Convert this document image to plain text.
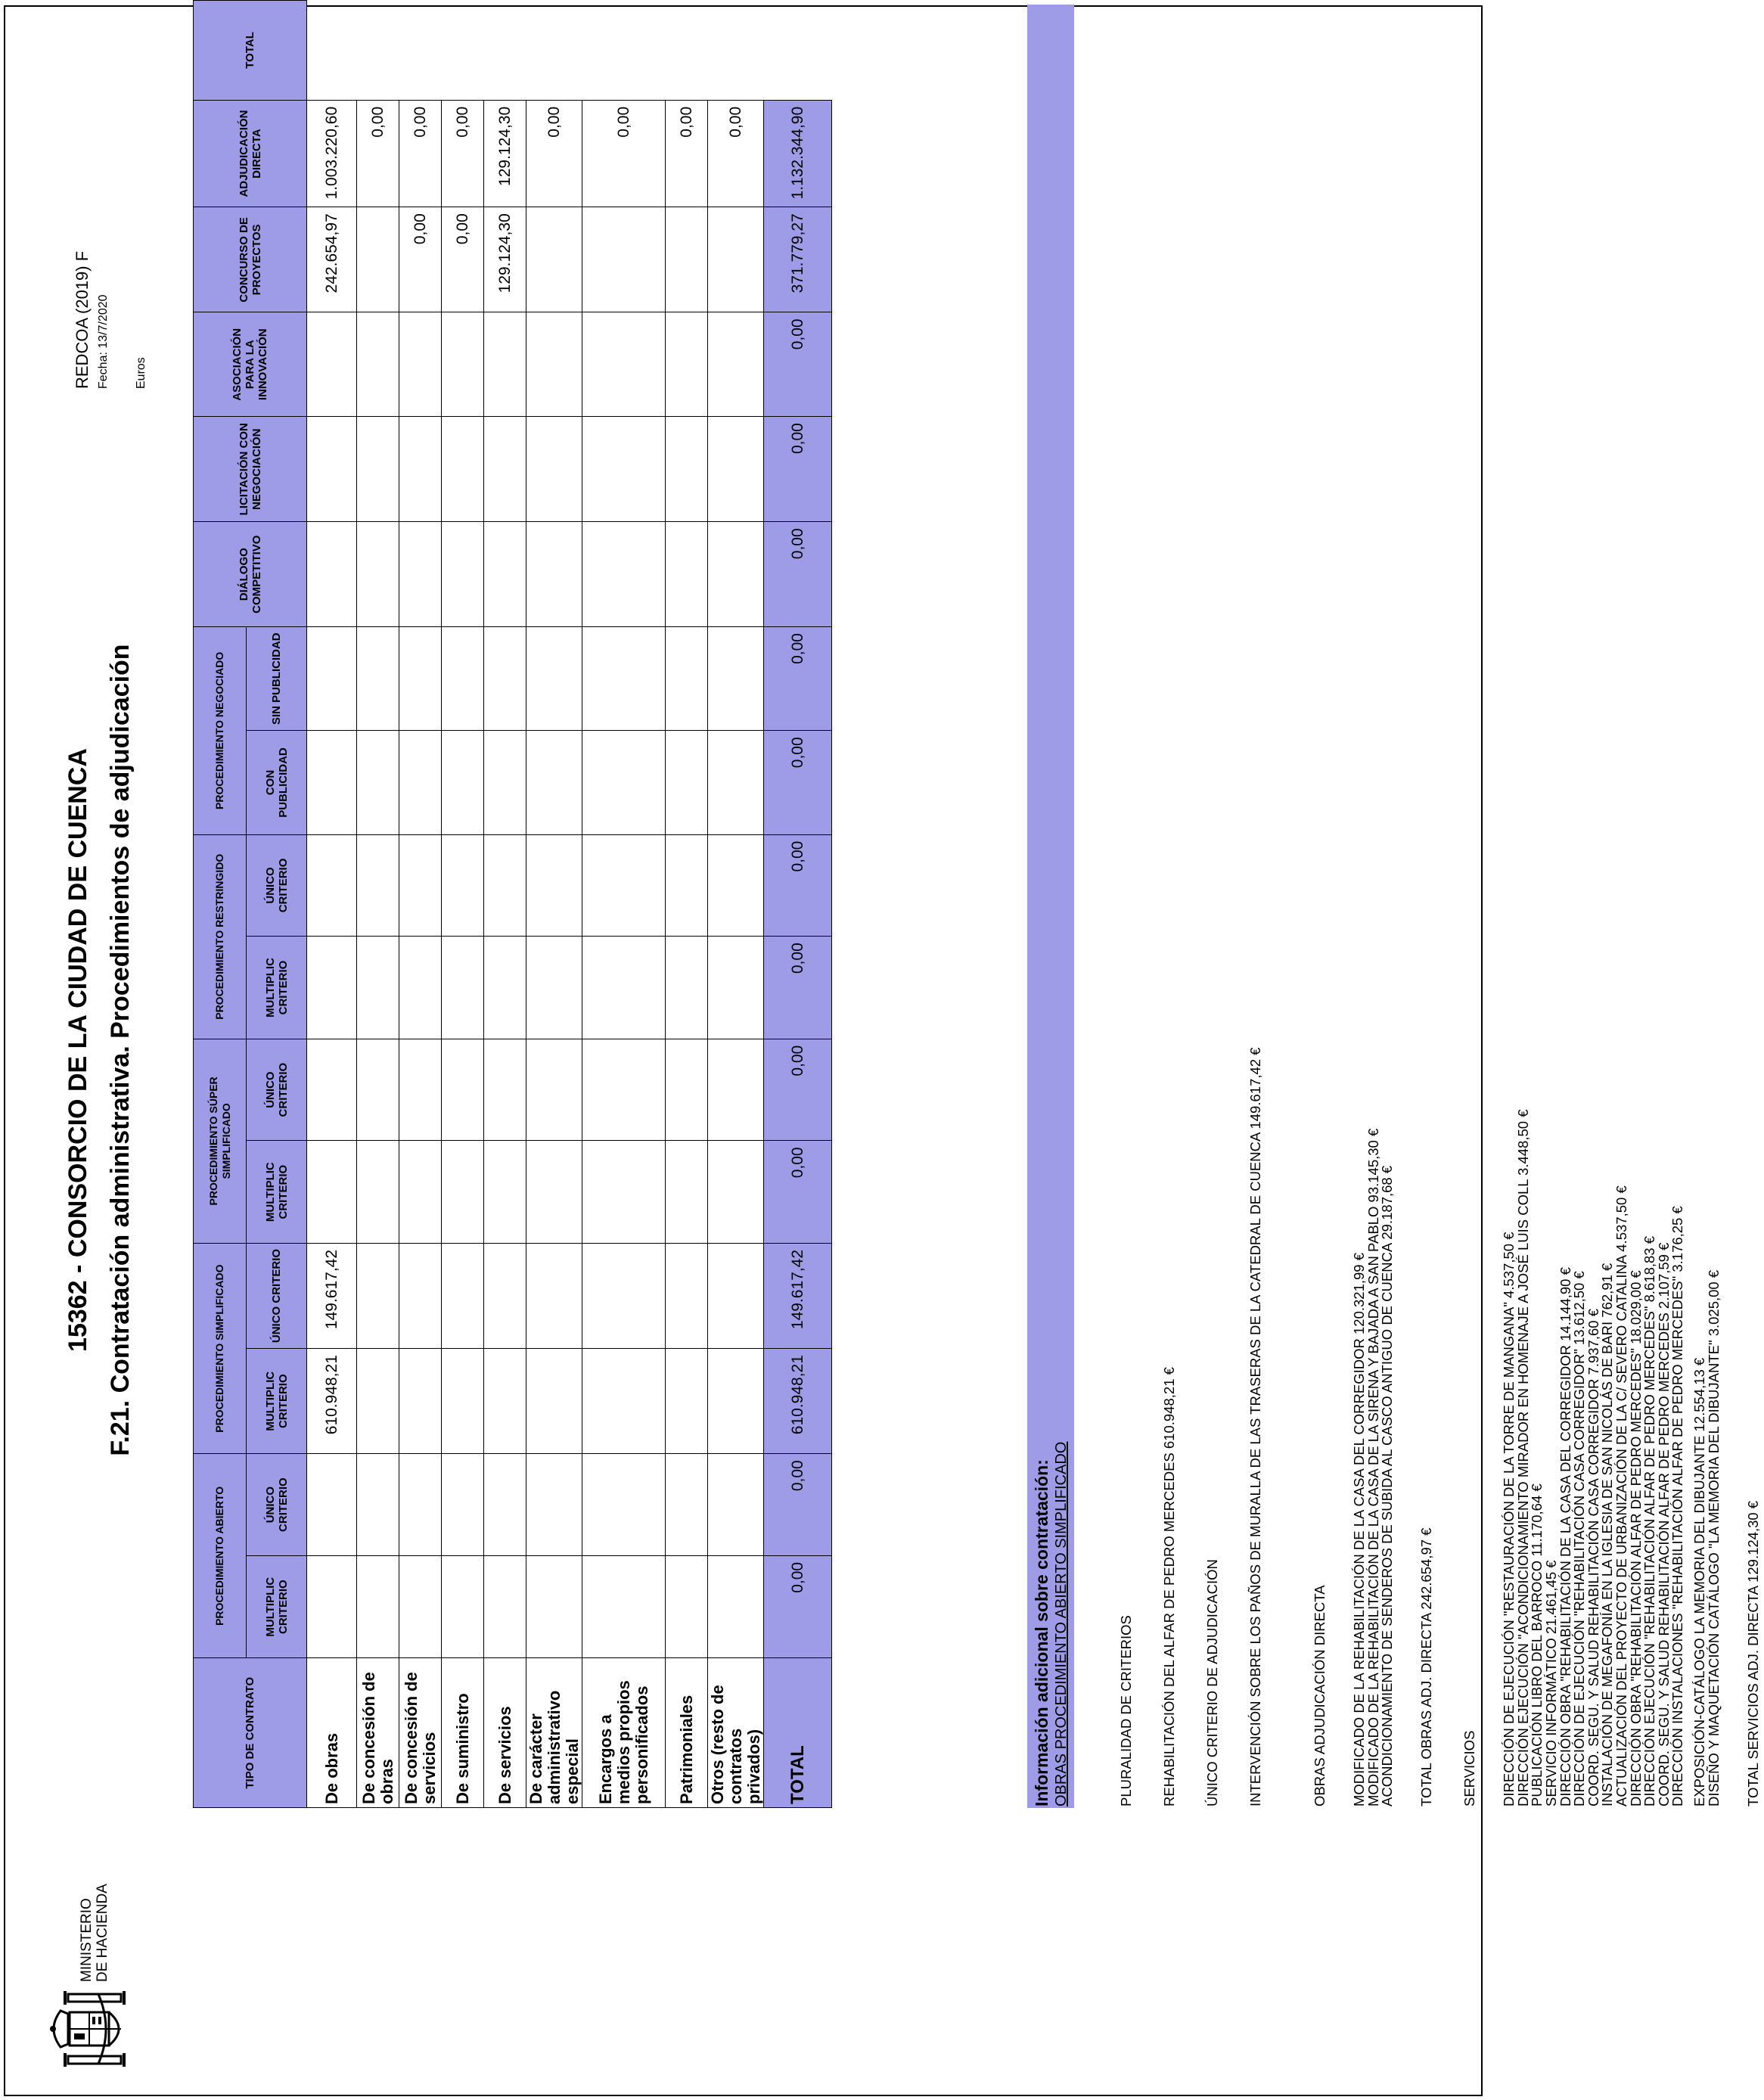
MINISTERIO DE HACIENDA
15362 - CONSORCIO DE LA CIUDAD DE CUENCA F.21. Contratación administrativa. Procedimientos de adjudicación
REDCOA (2019) F Fecha: 13/7/2020 Euros
TIPO DE CONTRATO	PROCEDIMIENTO ABIERTO		PROCEDIMIENTO SIMPLIFICADO		PROCEDIMIENTO SÚPER SIMPLIFICADO		PROCEDIMIENTO RESTRINGIDO		PROCEDIMIENTO NEGOCIADO		DIÁLOGO COMPETITIVO	LICITACIÓN CON NEGOCIACIÓN	ASOCIACIÓN PARA LA INNOVACIÓN	CONCURSO DE PROYECTOS	ADJUDICACIÓN DIRECTA	TOTAL
	MULTIPLIC CRITERIO	ÚNICO CRITERIO	MULTIPLIC CRITERIO	ÚNICO CRITERIO	MULTIPLIC CRITERIO	ÚNICO CRITERIO	MULTIPLIC CRITERIO	ÚNICO CRITERIO	CON PUBLICIDAD	SIN PUBLICIDAD						
De obras			610.948,21	149.617,42										242.654,97	1.003.220,60	
De concesión de obras															0,00	
De concesión de servicios														0,00	0,00	
De suministro														0,00	0,00	
De servicios														129.124,30	129.124,30	
De carácter administrativo especial															0,00	
Encargos a medios propios personificados															0,00	
Patrimoniales															0,00	
Otros (resto de contratos privados)															0,00	
TOTAL	0,00	0,00	610.948,21	149.617,42	0,00	0,00	0,00	0,00	0,00	0,00	0,00	0,00	0,00	371.779,27	1.132.344,90	
Información adicional sobre contratación: OBRAS PROCEDIMIENTO ABIERTO SIMPLIFICADO	PLURALIDAD DE CRITERIOS REHABILITACIÓN DEL ALFAR DE PEDRO MERCEDES 610.948,21 € ÚNICO CRITERIO DE ADJUDICACIÓN INTERVENCIÓN SOBRE LOS PAÑOS DE MURALLA DE LAS TRASERAS DE LA CATEDRAL DE CUENCA 149.617,42 €	OBRAS ADJUDICACIÓN DIRECTA MODIFICADO DE LA REHABILITACIÓN DE LA CASA DEL CORREGIDOR 120.321,99 €
MODIFICADO DE LA REHABILITACIÓN DE LA CASA DE LA SIRENA Y BAJADA A SAN PABLO 93.145,30 €
ACONDICIONAMIENTO DE SENDEROS DE SUBIDA AL CASCO ANTIGUO DE CUENCA 29.187,68 € TOTAL OBRAS ADJ. DIRECTA 242.654,97 € SERVICIOS DIRECCIÓN DE EJECUCIÓN "RESTAURACIÓN DE LA TORRE DE MANGANA" 4.537,50 €
DIRECCIÓN EJECUCIÓN "ACONDICIONAMIENTO MIRADOR EN HOMENAJE A JOSÉ LUIS COLL 3.448,50 €
PUBLICACIÓN LIBRO DEL BARROCO 11.170,64 €
SERVICIO INFORMÁTICO 21.461,45 €
DIRECCIÓN OBRA "REHABILITACIÓN DE LA CASA DEL CORREGIDOR 14.144,90 €
DIRECCIÓN DE EJECUCIÓN "REHABILITACIÓN CASA CORREGIDOR" 13.612,50 €
COORD. SEGU. Y SALUD REHABILITACIÓN CASA CORREGIDOR 7.937,60 €
INSTALACIÓN DE MEGAFONÍA EN LA IGLESIA DE SAN NICOLÁS DE BARI 762,91 €
ACTUALIZACIÓN DEL PROYECTO DE URBANIZACIÓN DE LA C/ SEVERO CATALINA 4.537,50 €
DIRECCIÓN OBRA "REHABILITACIÓN ALFAR DE PEDRO MERCEDES" 18.029,00 €
DIRECCIÓN EJECUCIÓN "REHABILITACIÓN ALFAR DE PEDRO MERCEDES" 8.618,83 €
COORD. SEGU. Y SALUD REHABILITACIÓN ALFAR DE PEDRO MERCEDES 2.107,59 €
DIRECCIÓN INSTALACIONES "REHABILITACIÓN ALFAR DE PEDRO MERCEDES" 3.176,25 € EXPOSICIÓN-CATÁLOGO LA MEMORIA DEL DIBUJANTE 12.554,13 €
DISEÑO Y MAQUETACIÓN CATÁLOGO "LA MEMORIA DEL DIBUJANTE" 3.025,00 € TOTAL SERVICIOS ADJ. DIRECTA 129.124,30 €
